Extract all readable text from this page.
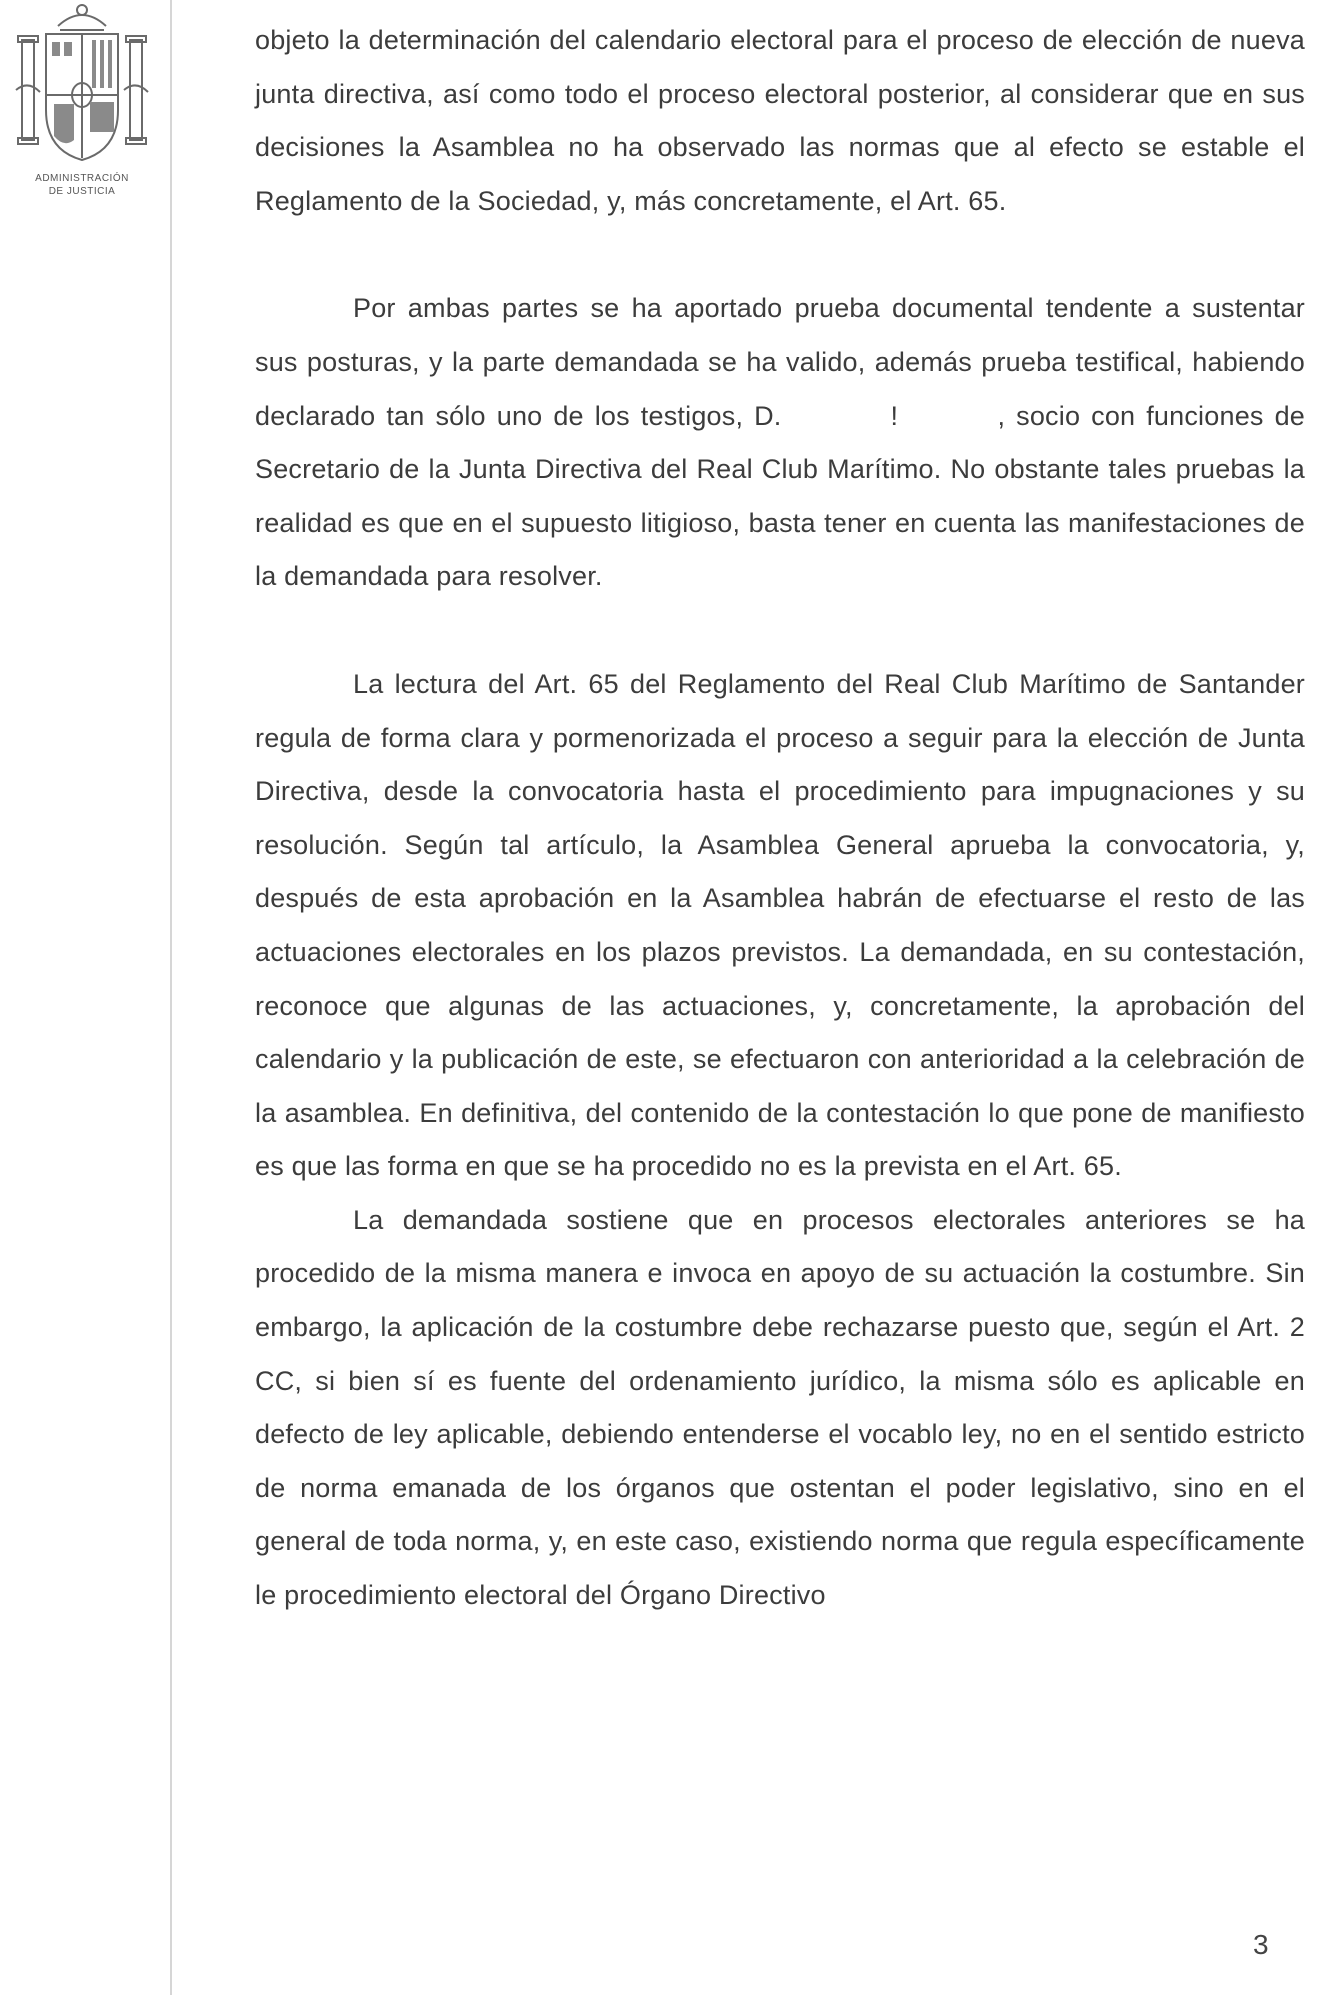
ADMINISTRACIÓN
DE JUSTICIA

objeto la determinación del calendario electoral para el proceso de elección de nueva junta directiva, así como todo el proceso electoral posterior, al considerar que en sus decisiones la Asamblea no ha observado las normas que al efecto se estable el Reglamento de la Sociedad, y, más concretamente, el Art. 65.

Por ambas partes se ha aportado prueba documental tendente a sustentar sus posturas, y la parte demandada se ha valido, además prueba testifical, habiendo declarado tan sólo uno de los testigos, D.	!	, socio con funciones de Secretario de la Junta Directiva del Real Club Marítimo. No obstante tales pruebas la realidad es que en el supuesto litigioso, basta tener en cuenta las manifestaciones de la demandada para resolver.

La lectura del Art. 65 del Reglamento del Real Club Marítimo de Santander regula de forma clara y pormenorizada el proceso a seguir para la elección de Junta Directiva, desde la convocatoria hasta el procedimiento para impugnaciones y su resolución. Según tal artículo, la Asamblea General aprueba la convocatoria, y, después de esta aprobación en la Asamblea habrán de efectuarse el resto de las actuaciones electorales en los plazos previstos. La demandada, en su contestación, reconoce que algunas de las actuaciones, y, concretamente, la aprobación del calendario y la publicación de este, se efectuaron con anterioridad a la celebración de la asamblea. En definitiva, del contenido de la contestación lo que pone de manifiesto es que las forma en que se ha procedido no es la prevista en el Art. 65.

La demandada sostiene que en procesos electorales anteriores se ha procedido de la misma manera e invoca en apoyo de su actuación la costumbre. Sin embargo, la aplicación de la costumbre debe rechazarse puesto que, según el Art. 2 CC, si bien sí es fuente del ordenamiento jurídico, la misma sólo es aplicable en defecto de ley aplicable, debiendo entenderse el vocablo ley, no en el sentido estricto de norma emanada de los órganos que ostentan el poder legislativo, sino en el general de toda norma, y, en este caso, existiendo norma que regula específicamente le procedimiento electoral del Órgano Directivo

3
